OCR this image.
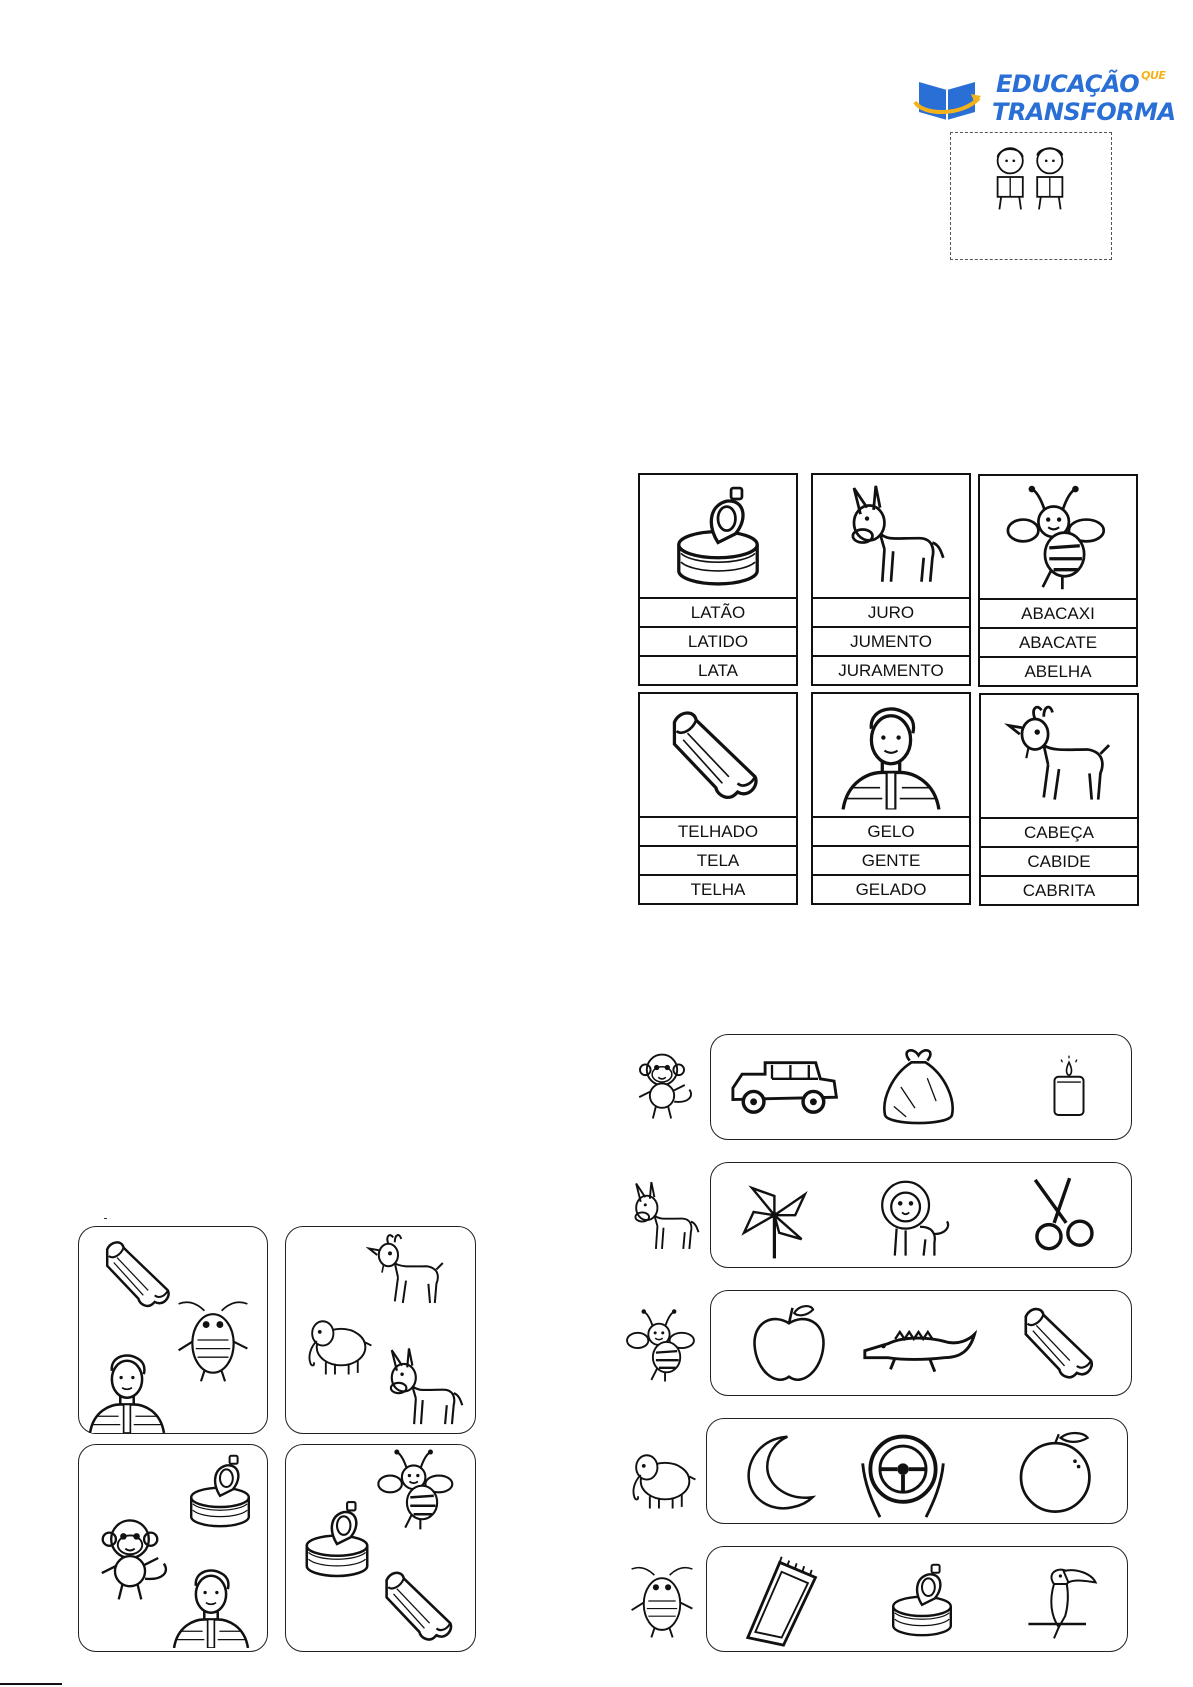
EDUCAÇÃO QUE
TRANSFORMA
LATÃO
LATIDO
LATA
JURO
JUMENTO
JURAMENTO
ABACAXI
ABACATE
ABELHA
TELHADO
TELA
TELHA
GELO
GENTE
GELADO
CABEÇA
CABIDE
CABRITA
